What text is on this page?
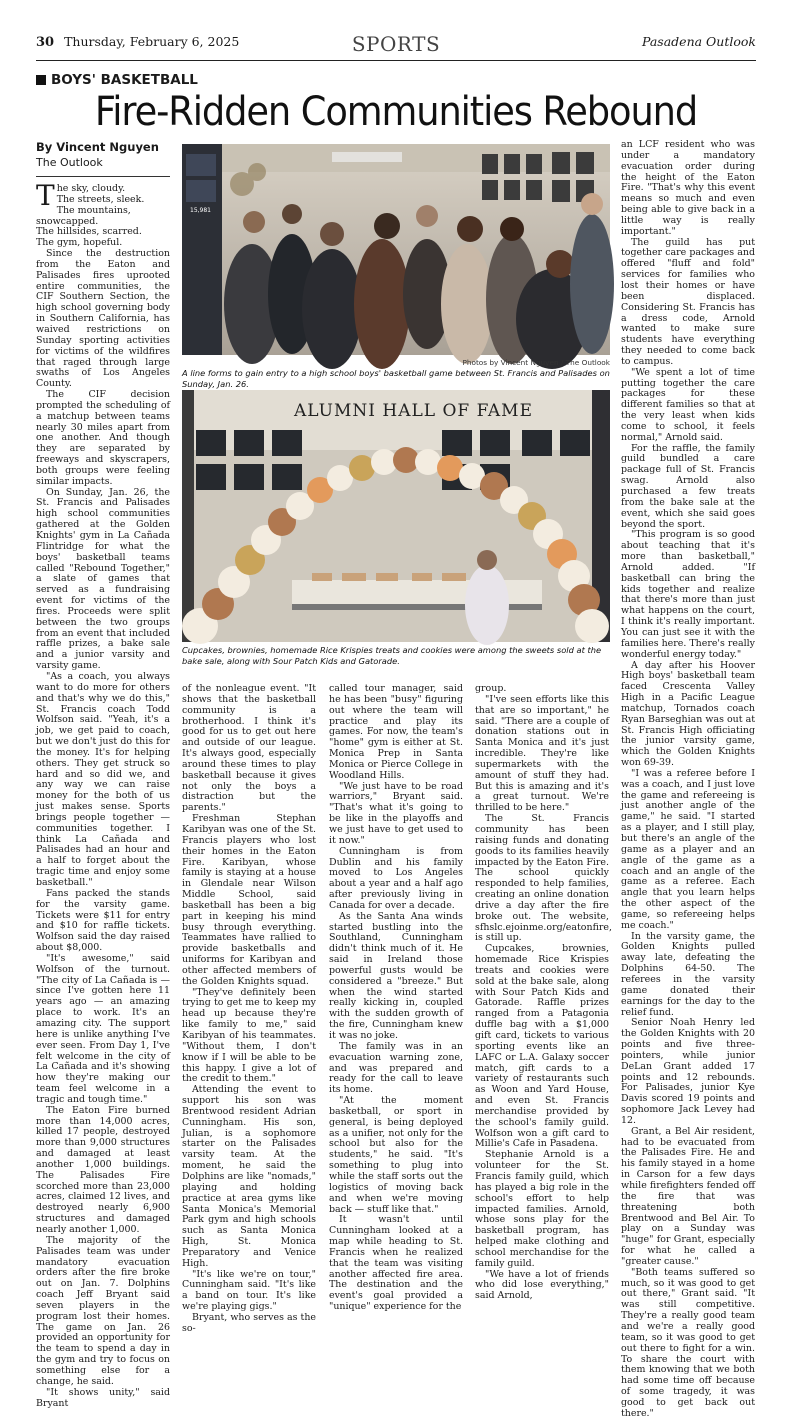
30 Thursday, February 6, 2025	SPORTS	Pasadena Outlook
BOYS' BASKETBALL
Fire-Ridden Communities Rebound
By Vincent Nguyen
The Outlook

T he sky, cloudy.
The streets, sleek.
The mountains, snowcapped.
The hillsides, scarred.
The gym, hopeful.

Since the destruction from the Eaton and Palisades fires uprooted entire communities, the CIF Southern Section, the high school governing body in Southern California, has waived restrictions on Sunday sporting activities for victims of the wildfires that raged through large swaths of Los Angeles County.

The CIF decision prompted the scheduling of a matchup between teams nearly 30 miles apart from one another. And though they are separated by freeways and skyscrapers, both groups were feeling similar impacts.

On Sunday, Jan. 26, the St. Francis and Palisades high school communities gathered at the Golden Knights' gym in La Cañada Flintridge for what the boys' basketball teams called "Rebound Together," a slate of games that served as a fundraising event for victims of the fires. Proceeds were split between the two groups from an event that included raffle prizes, a bake sale and a junior varsity and varsity game.

"As a coach, you always want to do more for others and that's why we do this," St. Francis coach Todd Wolfson said. "Yeah, it's a job, we get paid to coach, but we don't just do this for the money. It's for helping others. They get struck so hard and so did we, and any way we can raise money for the both of us just makes sense. Sports brings people together — communities together. I think La Cañada and Palisades had an hour and a half to forget about the tragic time and enjoy some basketball."

Fans packed the stands for the varsity game. Tickets were $11 for entry and $10 for raffle tickets. Wolfson said the day raised about $8,000.

"It's awesome," said Wolfson of the turnout. "The city of La Cañada is — since I've gotten here 11 years ago — an amazing place to work. It's an amazing city. The support here is unlike anything I've ever seen. From Day 1, I've felt welcome in the city of La Cañada and it's showing how they're making our team feel welcome in a tragic and tough time."

The Eaton Fire burned more than 14,000 acres, killed 17 people, destroyed more than 9,000 structures and damaged at least another 1,000 buildings. The Palisades Fire scorched more than 23,000 acres, claimed 12 lives, and destroyed nearly 6,900 structures and damaged nearly another 1,000.

The majority of the Palisades team was under mandatory evacuation orders after the fire broke out on Jan. 7. Dolphins coach Jeff Bryant said seven players in the program lost their homes. The game on Jan. 26 provided an opportunity for the team to spend a day in the gym and try to focus on something else for a change, he said.

"It shows unity," said Bryant

15,981
Photos by Vincent Nguyen / The Outlook
A line forms to gain entry to a high school boys' basketball game between St. Francis and Palisades on Sunday, Jan. 26.
ALUMNI HALL OF FAME
Cupcakes, brownies, homemade Rice Krispies treats and cookies were among the sweets sold at the bake sale, along with Sour Patch Kids and Gatorade.

of the nonleague event. "It shows that the basketball community is a brotherhood. I think it's good for us to get out here and outside of our league. It's always good, especially around these times to play basketball because it gives not only the boys a distraction but the parents."

Freshman Stephan Karibyan was one of the St. Francis players who lost their homes in the Eaton Fire. Karibyan, whose family is staying at a house in Glendale near Wilson Middle School, said basketball has been a big part in keeping his mind busy through everything. Teammates have rallied to provide basketballs and uniforms for Karibyan and other affected members of the Golden Knights squad.

"They've definitely been trying to get me to keep my head up because they're like family to me," said Karibyan of his teammates. "Without them, I don't know if I will be able to be this happy. I give a lot of the credit to them."

Attending the event to support his son was Brentwood resident Adrian Cunningham. His son, Julian, is a sophomore starter on the Palisades varsity team. At the moment, he said the Dolphins are like "nomads," playing and holding practice at area gyms like Santa Monica's Memorial Park gym and high schools such as Santa Monica High, St. Monica Preparatory and Venice High.

"It's like we're on tour," Cunningham said. "It's like a band on tour. It's like we're playing gigs."

Bryant, who serves as the so-

called tour manager, said he has been "busy" figuring out where the team will practice and play its games. For now, the team's "home" gym is either at St. Monica Prep in Santa Monica or Pierce College in Woodland Hills.

"We just have to be road warriors," Bryant said. "That's what it's going to be like in the playoffs and we just have to get used to it now."

Cunningham is from Dublin and his family moved to Los Angeles about a year and a half ago after previously living in Canada for over a decade.

As the Santa Ana winds started bustling into the Southland, Cunningham didn't think much of it. He said in Ireland those powerful gusts would be considered a "breeze." But when the wind started really kicking in, coupled with the sudden growth of the fire, Cunningham knew it was no joke.

The family was in an evacuation warning zone, and was prepared and ready for the call to leave its home.

"At the moment basketball, or sport in general, is being deployed as a unifier, not only for the school but also for the students," he said. "It's something to plug into while the staff sorts out the logistics of moving back and when we're moving back — stuff like that."

It wasn't until Cunningham looked at a map while heading to St. Francis when he realized that the team was visiting another affected fire area. The destination and the event's goal provided a "unique" experience for the

group.

"I've seen efforts like this that are so important," he said. "There are a couple of donation stations out in Santa Monica and it's just incredible. They're like supermarkets with the amount of stuff they had. But this is amazing and it's a great turnout. We're thrilled to be here."

The St. Francis community has been raising funds and donating goods to its families heavily impacted by the Eaton Fire. The school quickly responded to help families, creating an online donation drive a day after the fire broke out. The website, sfhslc.ejoinme.org/eatonfire, is still up.

Cupcakes, brownies, homemade Rice Krispies treats and cookies were sold at the bake sale, along with Sour Patch Kids and Gatorade. Raffle prizes ranged from a Patagonia duffle bag with a $1,000 gift card, tickets to various sporting events like an LAFC or L.A. Galaxy soccer match, gift cards to a variety of restaurants such as Woon and Yard House, and even St. Francis merchandise provided by the school's family guild. Wolfson won a gift card to Millie's Cafe in Pasadena.

Stephanie Arnold is a volunteer for the St. Francis family guild, which has played a big role in the school's effort to help impacted families. Arnold, whose sons play for the basketball program, has helped make clothing and school merchandise for the family guild.

"We have a lot of friends who did lose everything," said Arnold,

an LCF resident who was under a mandatory evacuation order during the height of the Eaton Fire. "That's why this event means so much and even being able to give back in a little way is really important."

The guild has put together care packages and offered "fluff and fold" services for families who lost their homes or have been displaced. Considering St. Francis has a dress code, Arnold wanted to make sure students have everything they needed to come back to campus.

"We spent a lot of time putting together the care packages for these different families so that at the very least when kids come to school, it feels normal," Arnold said.

For the raffle, the family guild bundled a care package full of St. Francis swag. Arnold also purchased a few treats from the bake sale at the event, which she said goes beyond the sport.

"This program is so good about teaching that it's more than basketball," Arnold added. "If basketball can bring the kids together and realize that there's more than just what happens on the court, I think it's really important. You can just see it with the families here. There's really wonderful energy today."

A day after his Hoover High boys' basketball team faced Crescenta Valley High in a Pacific League matchup, Tornados coach Ryan Barseghian was out at St. Francis High officiating the junior varsity game, which the Golden Knights won 69-39.

"I was a referee before I was a coach, and I just love the game and refereeing is just another angle of the game," he said. "I started as a player, and I still play, but there's an angle of the game as a player and an angle of the game as a coach and an angle of the game as a referee. Each angle that you learn helps the other aspect of the game, so refereeing helps me coach."

In the varsity game, the Golden Knights pulled away late, defeating the Dolphins 64-50. The referees in the varsity game donated their earnings for the day to the relief fund.

Senior Noah Henry led the Golden Knights with 20 points and five three-pointers, while junior DeLan Grant added 17 points and 12 rebounds. For Palisades, junior Kye Davis scored 19 points and sophomore Jack Levey had 12.

Grant, a Bel Air resident, had to be evacuated from the Palisades Fire. He and his family stayed in a home in Carson for a few days while firefighters fended off the fire that was threatening both Brentwood and Bel Air. To play on a Sunday was "huge" for Grant, especially for what he called a "greater cause."

"Both teams suffered so much, so it was good to get out there," Grant said. "It was still competitive. They're a really good team and we're a really good team, so it was good to get out there to fight for a win. To share the court with them knowing that we both had some time off because of some tragedy, it was good to get back out there."
